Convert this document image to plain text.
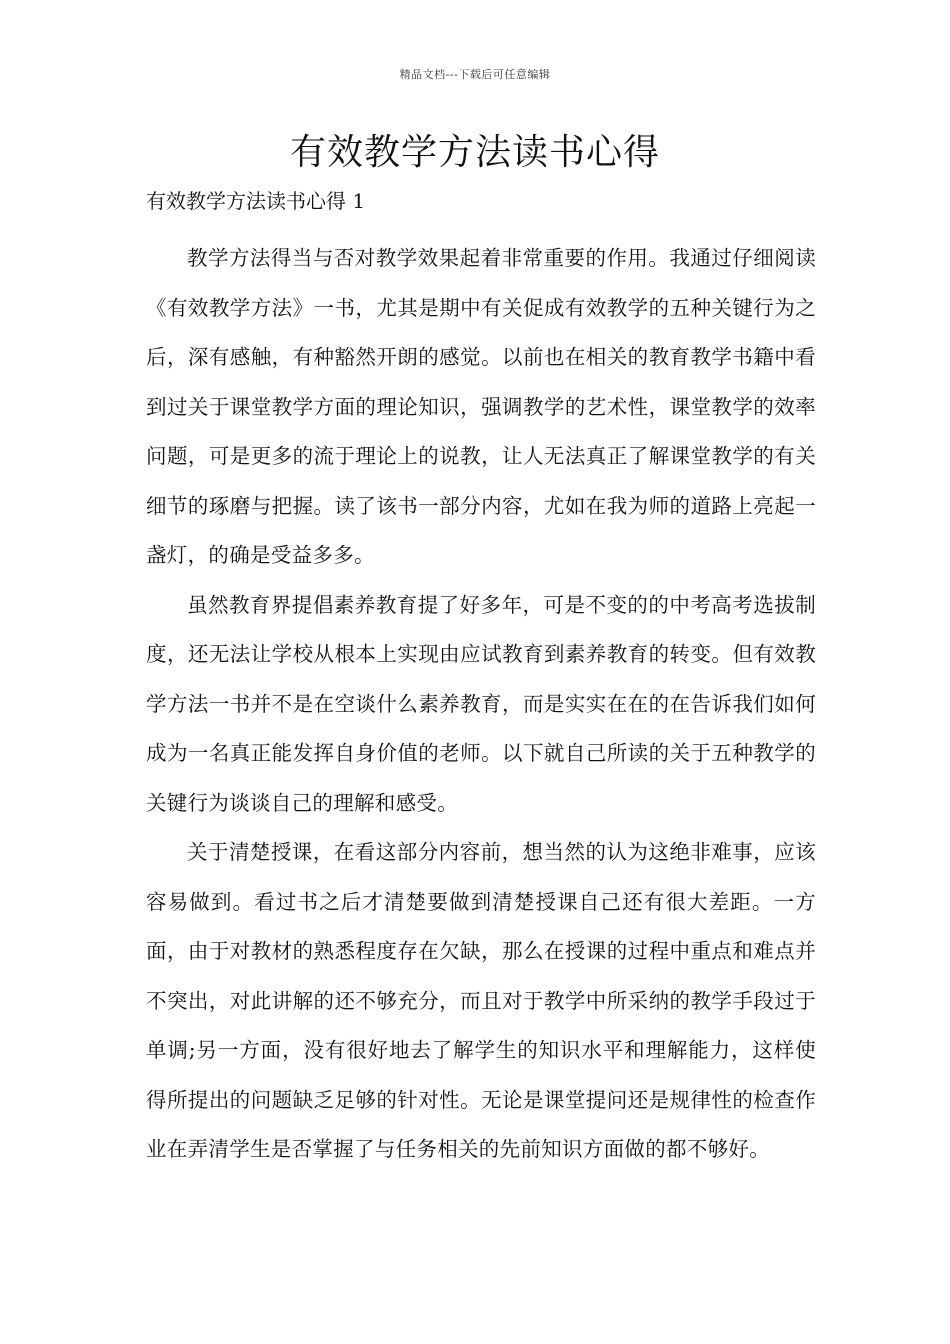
精品文档---下载后可任意编辑
有效教学方法读书心得

有效教学方法读书心得 1

教学方法得当与否对教学效果起着非常重要的作用。我通过仔细阅读《有效教学方法》一书，尤其是期中有关促成有效教学的五种关键行为之后，深有感触，有种豁然开朗的感觉。以前也在相关的教育教学书籍中看到过关于课堂教学方面的理论知识，强调教学的艺术性，课堂教学的效率问题，可是更多的流于理论上的说教，让人无法真正了解课堂教学的有关细节的琢磨与把握。读了该书一部分内容，尤如在我为师的道路上亮起一盏灯，的确是受益多多。

虽然教育界提倡素养教育提了好多年，可是不变的的中考高考选拔制度，还无法让学校从根本上实现由应试教育到素养教育的转变。但有效教学方法一书并不是在空谈什么素养教育，而是实实在在的在告诉我们如何成为一名真正能发挥自身价值的老师。以下就自己所读的关于五种教学的关键行为谈谈自己的理解和感受。

关于清楚授课，在看这部分内容前，想当然的认为这绝非难事，应该容易做到。看过书之后才清楚要做到清楚授课自己还有很大差距。一方面，由于对教材的熟悉程度存在欠缺，那么在授课的过程中重点和难点并不突出，对此讲解的还不够充分，而且对于教学中所采纳的教学手段过于单调;另一方面，没有很好地去了解学生的知识水平和理解能力，这样使得所提出的问题缺乏足够的针对性。无论是课堂提问还是规律性的检查作业在弄清学生是否掌握了与任务相关的先前知识方面做的都不够好。
